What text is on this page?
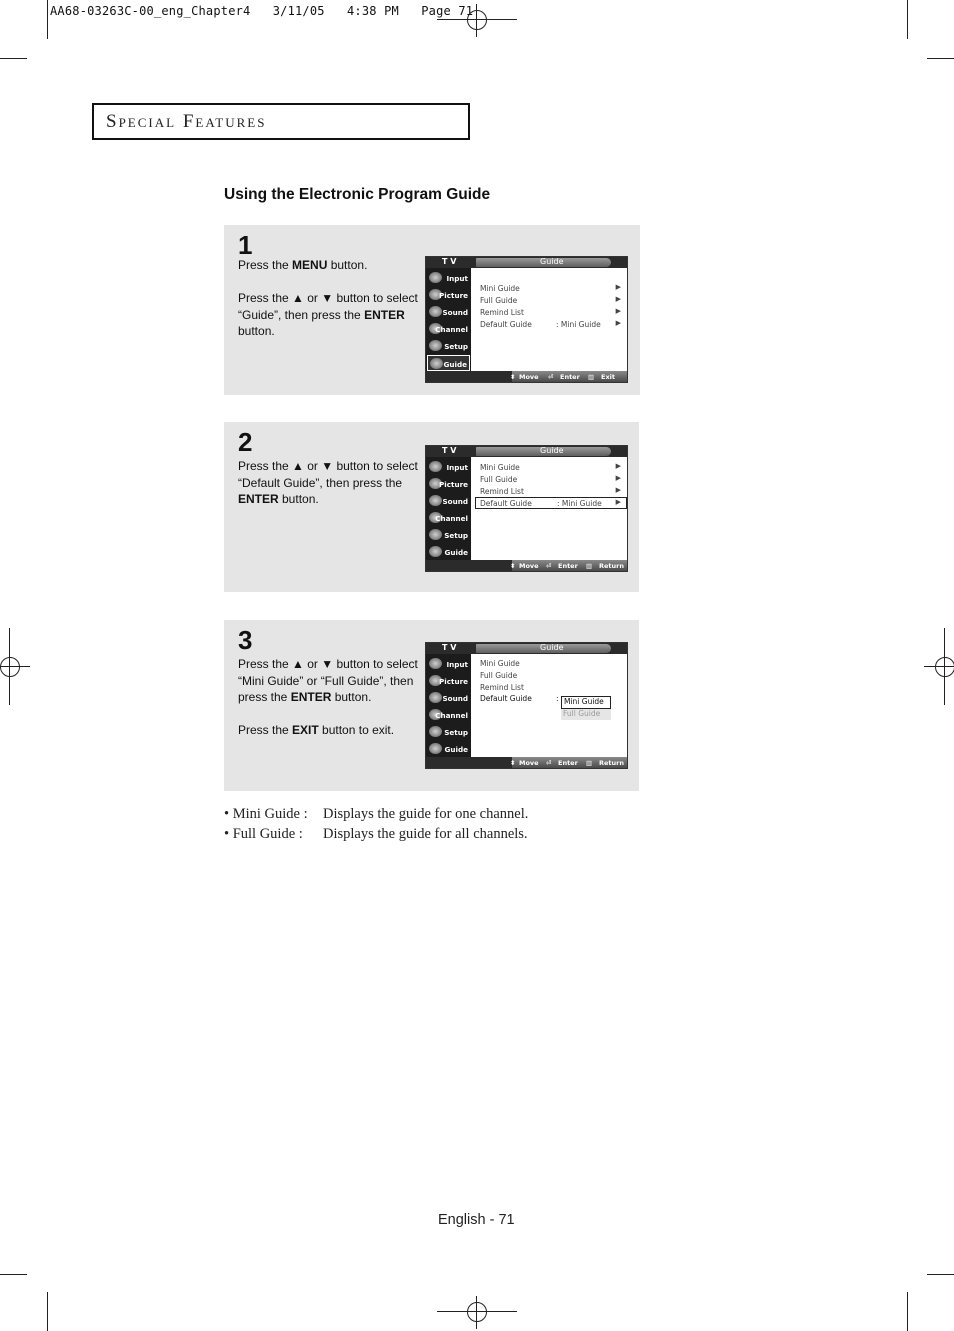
AA68-03263C-00_eng_Chapter4   3/11/05   4:38 PM   Page 71
Special Features
Using the Electronic Program Guide
1

Press the MENU button.

Press the ▲ or ▼ button to select “Guide”, then press the ENTER button.

T V	Guide
Input
Picture
Sound
Channel
Setup
Guide
Mini Guide	▶
Full Guide	▶
Remind List	▶
Default Guide	: Mini Guide ▶
⬍ Move ⏎ Enter ▥ Exit
2

Press the ▲ or ▼ button to select “Default Guide”, then press the ENTER button.

T V	Guide
Input
Picture
Sound
Channel
Setup
Guide
Mini Guide	▶
Full Guide	▶
Remind List	▶
Default Guide	: Mini Guide ▶
⬍ Move ⏎ Enter ▥ Return
3

Press the ▲ or ▼ button to select “Mini Guide” or “Full Guide”, then press the ENTER button.

Press the EXIT button to exit.

T V	Guide
Input
Picture
Sound
Channel
Setup
Guide
Mini Guide
Full Guide
Remind List
Default Guide	: Mini Guide
Full Guide
⬍ Move ⏎ Enter ▥ Return
• Mini Guide : Displays the guide for one channel.
• Full Guide : Displays the guide for all channels.
English - 71
